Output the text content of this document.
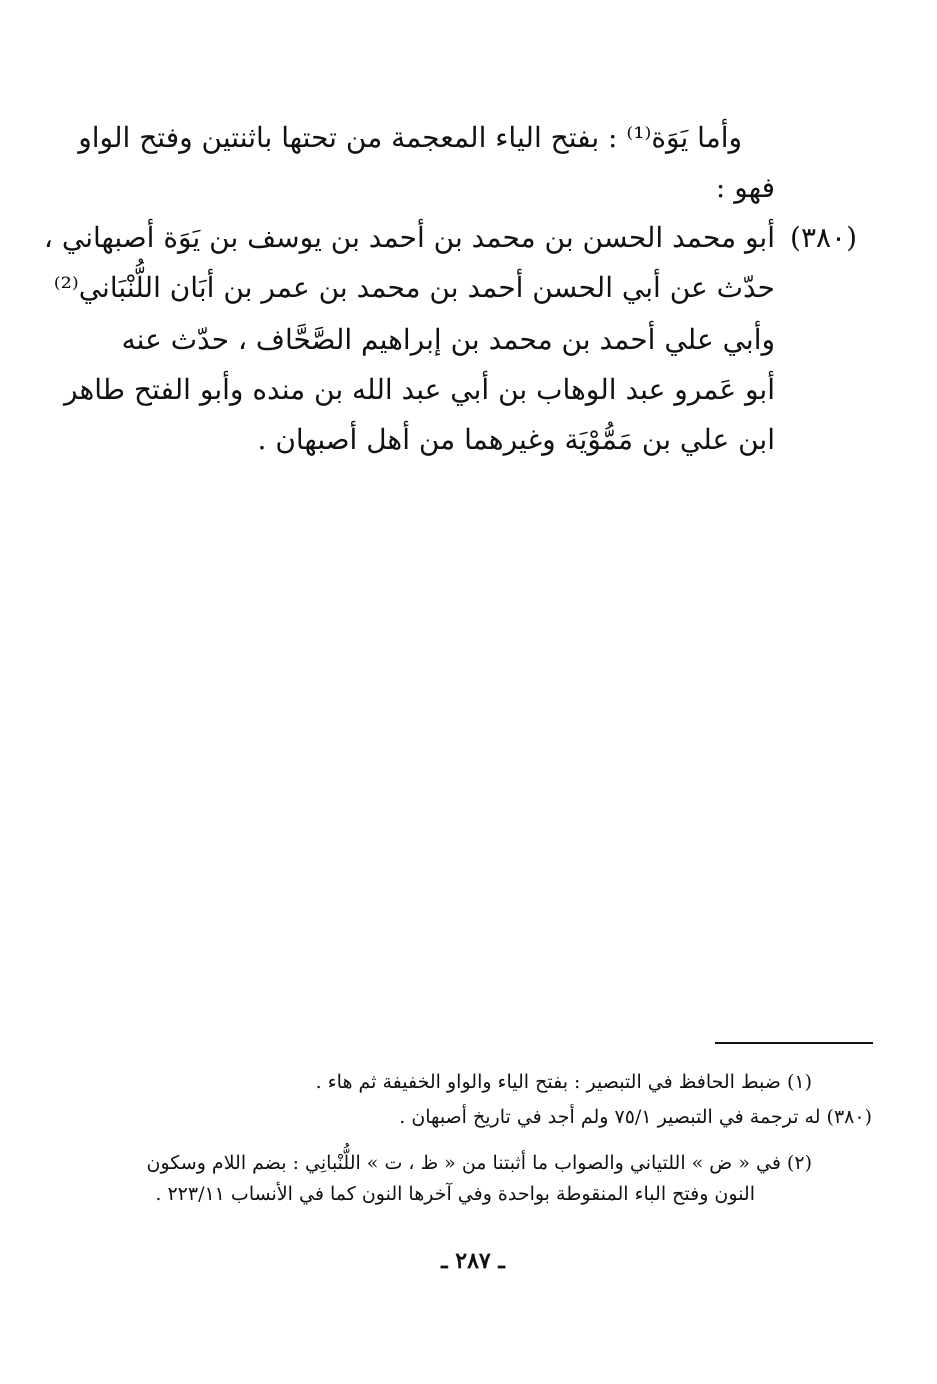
وأما يَوَة⁽¹⁾ : بفتح الياء المعجمة من تحتها باثنتين وفتح الواو
فهو :
(٣٨٠)
أبو محمد الحسن بن محمد بن أحمد بن يوسف بن يَوَة أصبهاني ،
حدّث عن أبي الحسن أحمد بن محمد بن عمر بن أبَان اللُّنْبَاني⁽²⁾
وأبي علي أحمد بن محمد بن إبراهيم الصَّحَّاف ، حدّث عنه
أبو عَمرو عبد الوهاب بن أبي عبد الله بن منده وأبو الفتح طاهر
ابن علي بن مَمُّوْيَة وغيرهما من أهل أصبهان .
(١) ضبط الحافظ في التبصير : بفتح الياء والواو الخفيفة ثم هاء .
(٣٨٠) له ترجمة في التبصير ٧٥/١ ولم أجد في تاريخ أصبهان .
(٢) في « ض » اللتياني والصواب ما أثبتنا من « ظ ، ت » اللُّنْبانِي : بضم اللام وسكون
النون وفتح الباء المنقوطة بواحدة وفي آخرها النون كما في الأنساب ٢٢٣/١١ .
ـ ٢٨٧ ـ
